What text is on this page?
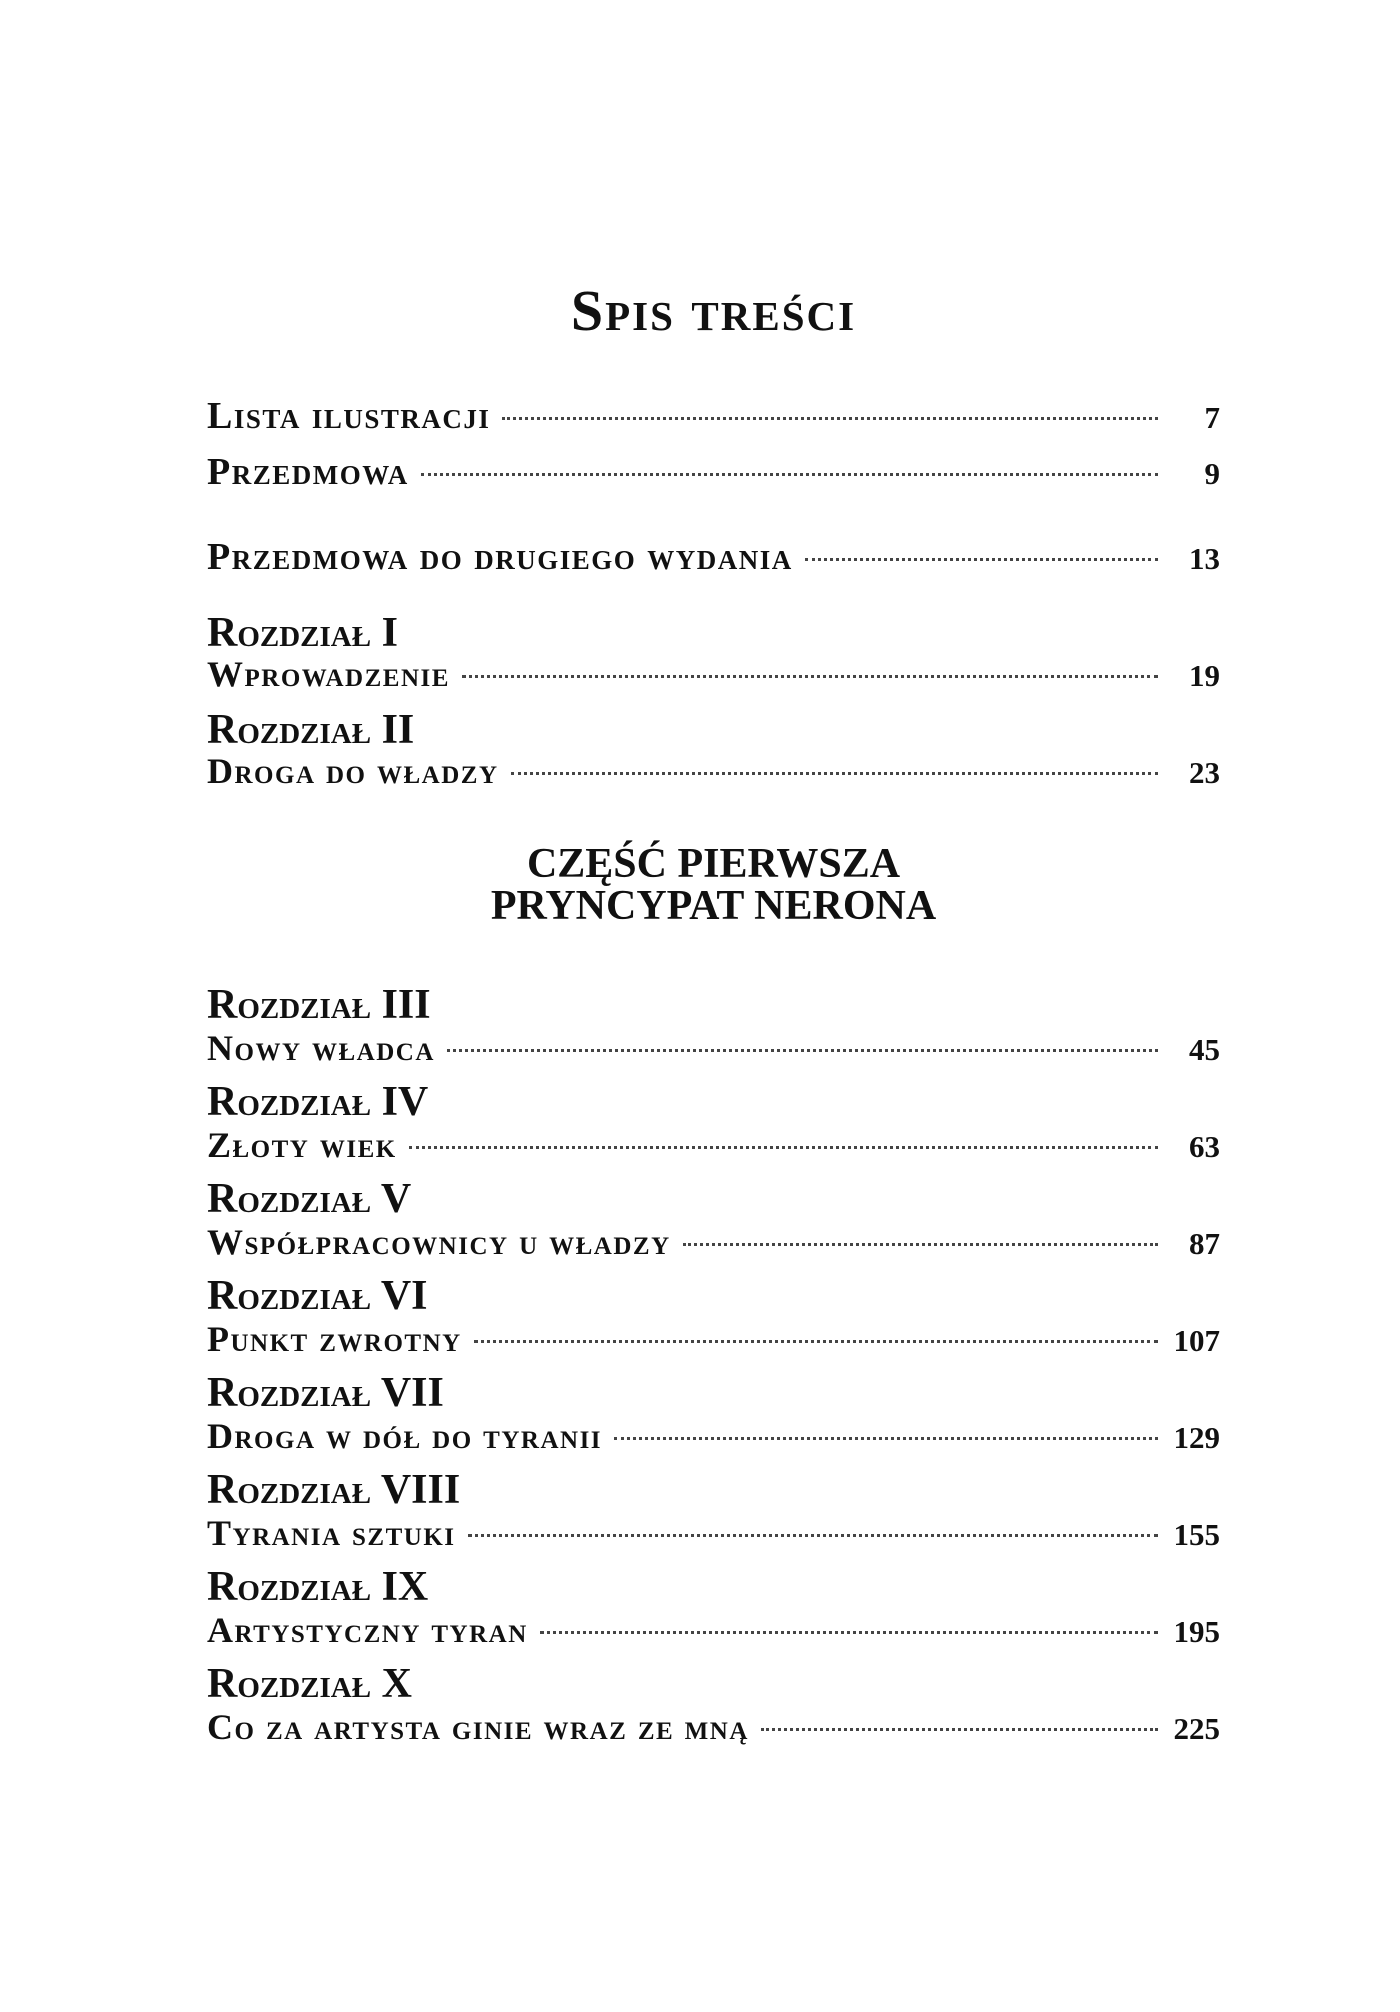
Spis treści
Lista ilustracji	7
Przedmowa	9
Przedmowa do drugiego wydania	13
Rozdział I
Wprowadzenie	19
Rozdział II
Droga do władzy	23
CZĘŚĆ PIERWSZA
PRYNCYPAT NERONA
Rozdział III
Nowy władca	45
Rozdział IV
Złoty wiek	63
Rozdział V
Współpracownicy u władzy	87
Rozdział VI
Punkt zwrotny	107
Rozdział VII
Droga w dół do tyranii	129
Rozdział VIII
Tyrania sztuki	155
Rozdział IX
Artystyczny tyran	195
Rozdział X
Co za artysta ginie wraz ze mną	225
